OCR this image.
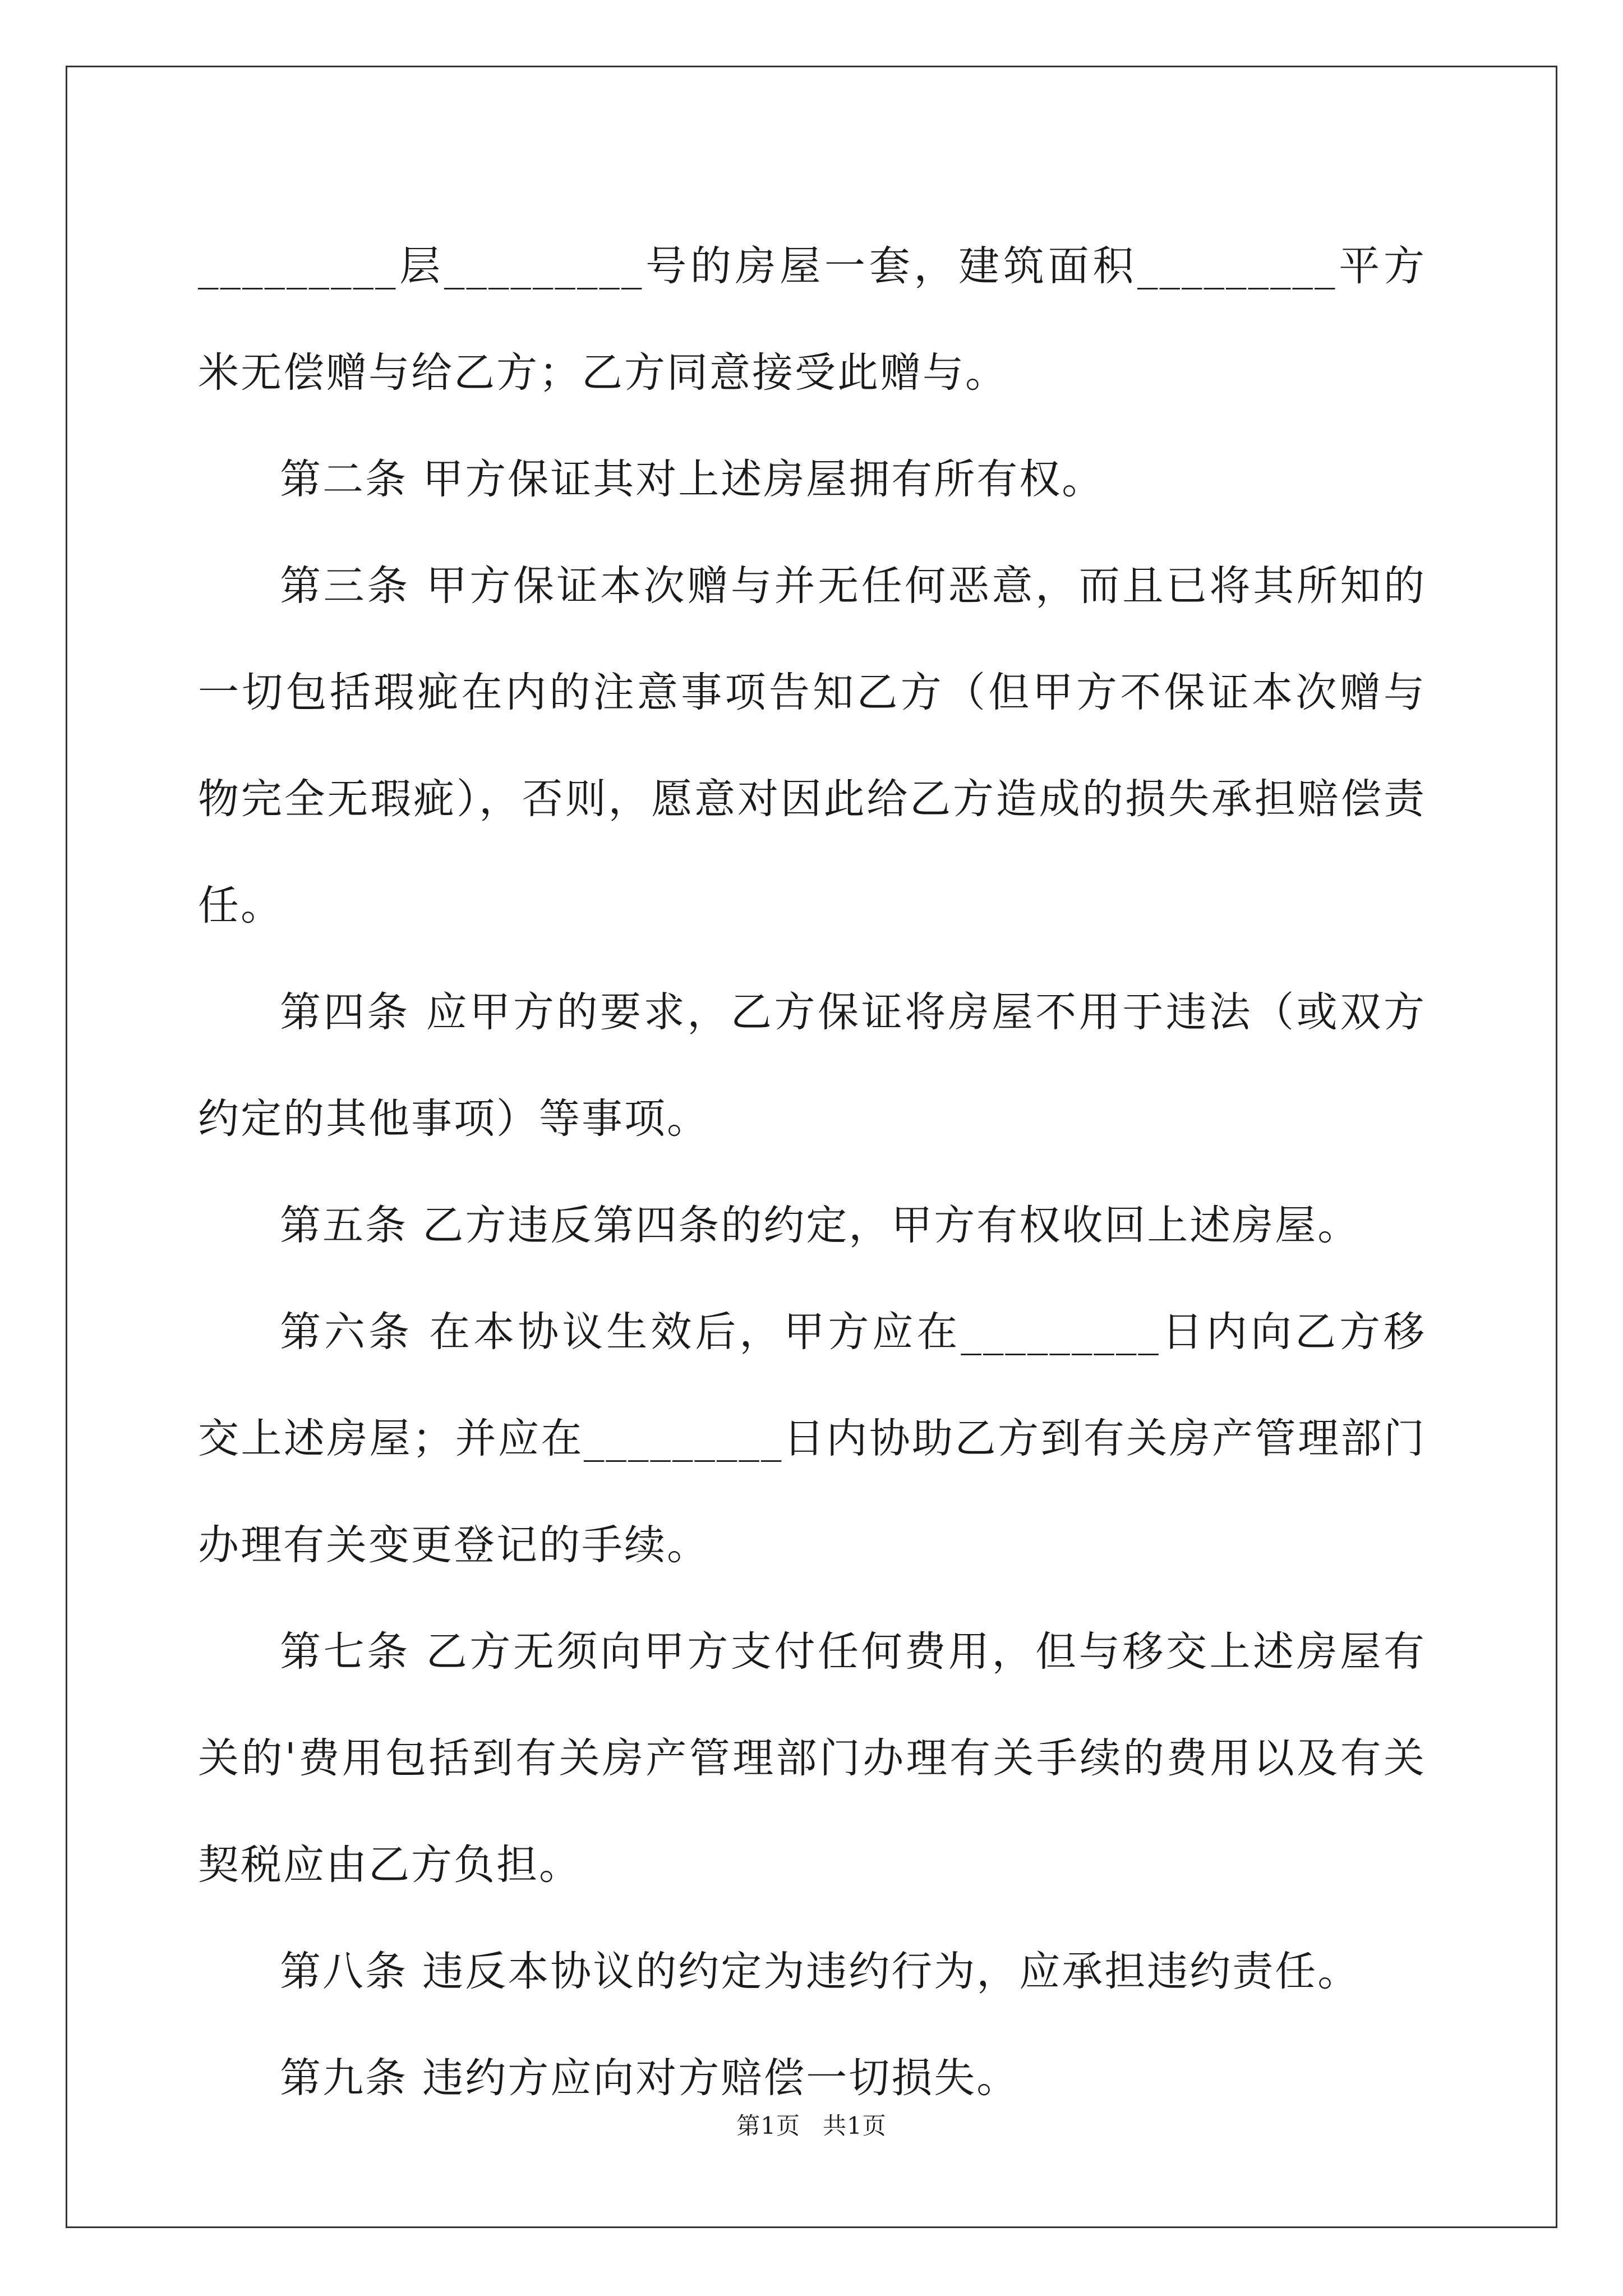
_________层_________号的房屋一套，建筑面积_________平方米无偿赠与给乙方；乙方同意接受此赠与。

第二条 甲方保证其对上述房屋拥有所有权。

第三条 甲方保证本次赠与并无任何恶意，而且已将其所知的一切包括瑕疵在内的注意事项告知乙方（但甲方不保证本次赠与物完全无瑕疵），否则，愿意对因此给乙方造成的损失承担赔偿责任。

第四条 应甲方的要求，乙方保证将房屋不用于违法（或双方约定的其他事项）等事项。

第五条 乙方违反第四条的约定，甲方有权收回上述房屋。

第六条 在本协议生效后，甲方应在_________日内向乙方移交上述房屋；并应在_________日内协助乙方到有关房产管理部门办理有关变更登记的手续。

第七条 乙方无须向甲方支付任何费用，但与移交上述房屋有关的'费用包括到有关房产管理部门办理有关手续的费用以及有关契税应由乙方负担。

第八条 违反本协议的约定为违约行为，应承担违约责任。

第九条 违约方应向对方赔偿一切损失。

第1页 共1页
